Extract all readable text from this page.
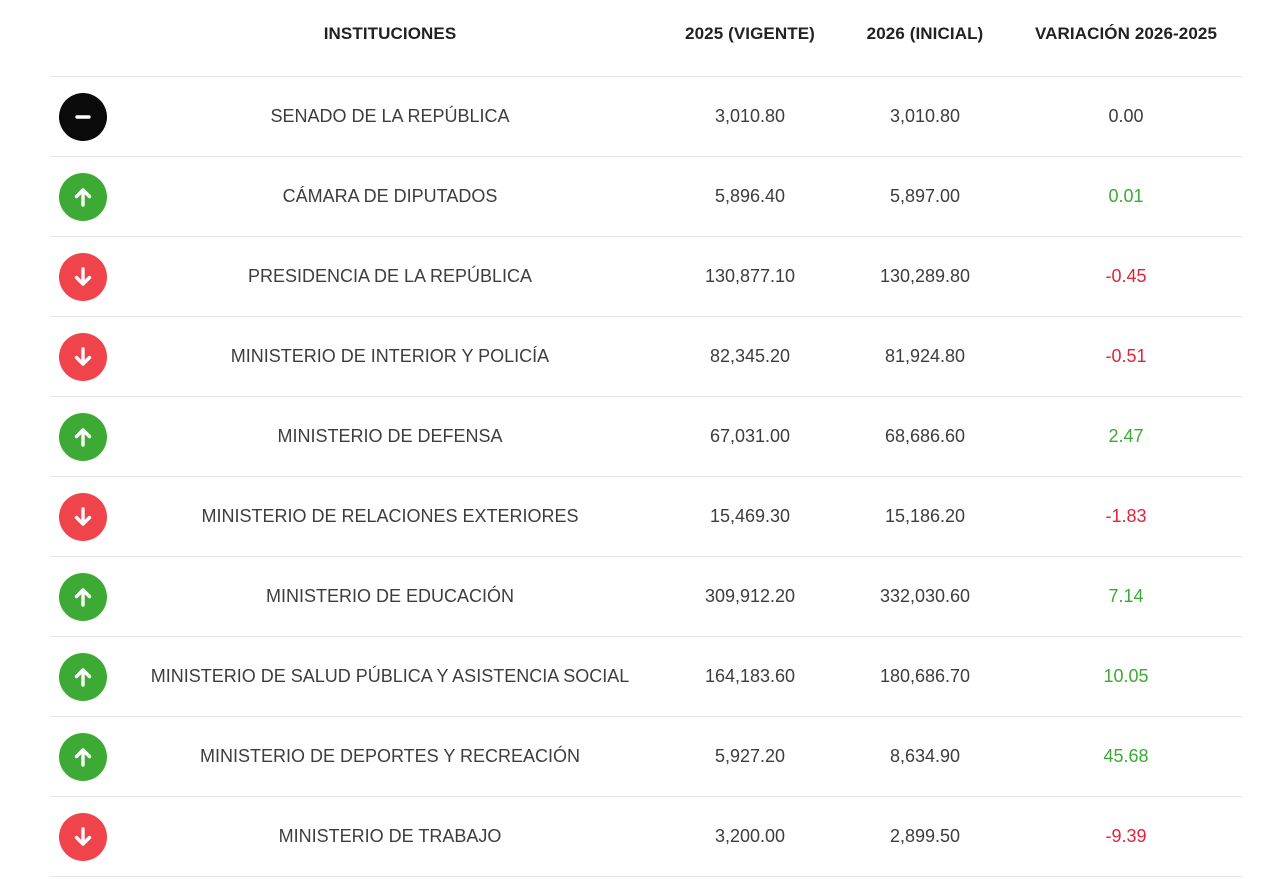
INSTITUCIONES	2025 (VIGENTE)	2026 (INICIAL)	VARIACIÓN 2026-2025
SENADO DE LA REPÚBLICA	3,010.80	3,010.80	0.00
CÁMARA DE DIPUTADOS	5,896.40	5,897.00	0.01
PRESIDENCIA DE LA REPÚBLICA	130,877.10	130,289.80	-0.45
MINISTERIO DE INTERIOR Y POLICÍA	82,345.20	81,924.80	-0.51
MINISTERIO DE DEFENSA	67,031.00	68,686.60	2.47
MINISTERIO DE RELACIONES EXTERIORES	15,469.30	15,186.20	-1.83
MINISTERIO DE EDUCACIÓN	309,912.20	332,030.60	7.14
MINISTERIO DE SALUD PÚBLICA Y ASISTENCIA SOCIAL	164,183.60	180,686.70	10.05
MINISTERIO DE DEPORTES Y RECREACIÓN	5,927.20	8,634.90	45.68
MINISTERIO DE TRABAJO	3,200.00	2,899.50	-9.39
